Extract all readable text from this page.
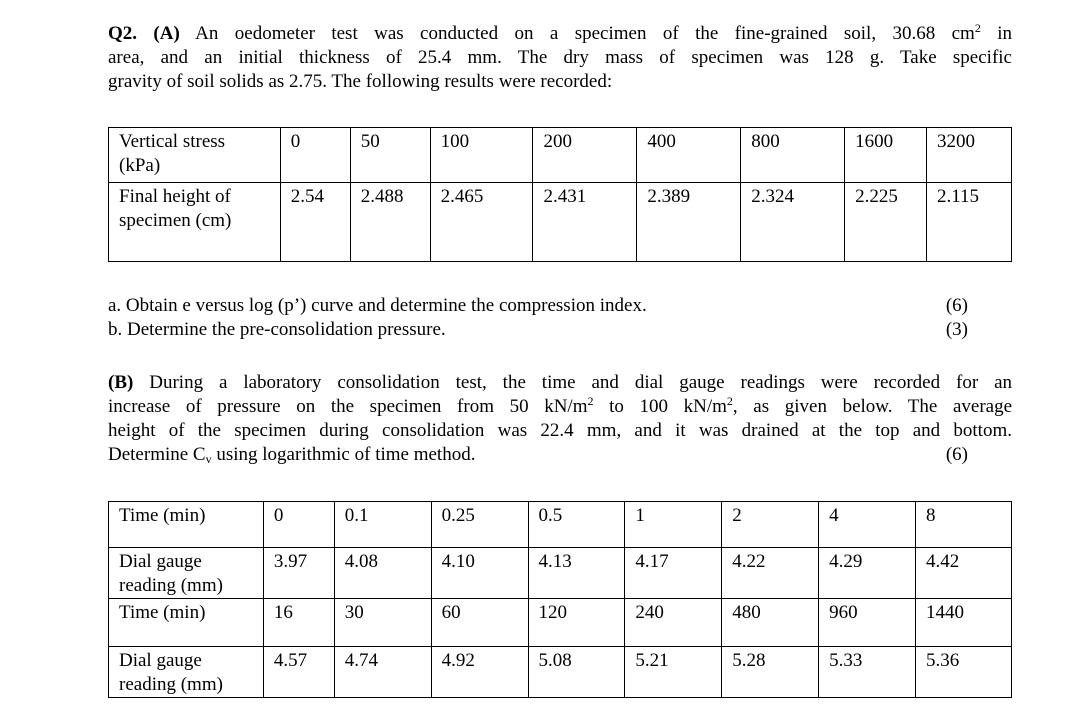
Q2. (A) An oedometer test was conducted on a specimen of the fine-grained soil, 30.68 $cm^2$ in
area, and an initial thickness of 25.4 mm. The dry mass of specimen was 128 g. Take specific
gravity of soil solids as 2.75. The following results were recorded:
Vertical stress
(kPa)	0	50	100	200	400	800	1600	3200

Final height of
specimen (cm)	2.54	2.488	2.465	2.431	2.389	2.324	2.225	2.115
a. Obtain e versus log (p’) curve and determine the compression index.	(6)
b. Determine the pre-consolidation pressure.	(3)
(B) During a laboratory consolidation test, the time and dial gauge readings were recorded for an
increase of pressure on the specimen from 50 $kN/m^2$ to 100 $kN/m^2$, as given below. The average
height of the specimen during consolidation was 22.4 mm, and it was drained at the top and bottom.
Determine $C_v$ using logarithmic of time method.	(6)
Time (min)	0	0.1	0.25	0.5	1	2	4	8

Dial gauge
reading (mm)	3.97	4.08	4.10	4.13	4.17	4.22	4.29	4.42

Time (min)	16	30	60	120	240	480	960	1440

Dial gauge
reading (mm)	4.57	4.74	4.92	5.08	5.21	5.28	5.33	5.36
